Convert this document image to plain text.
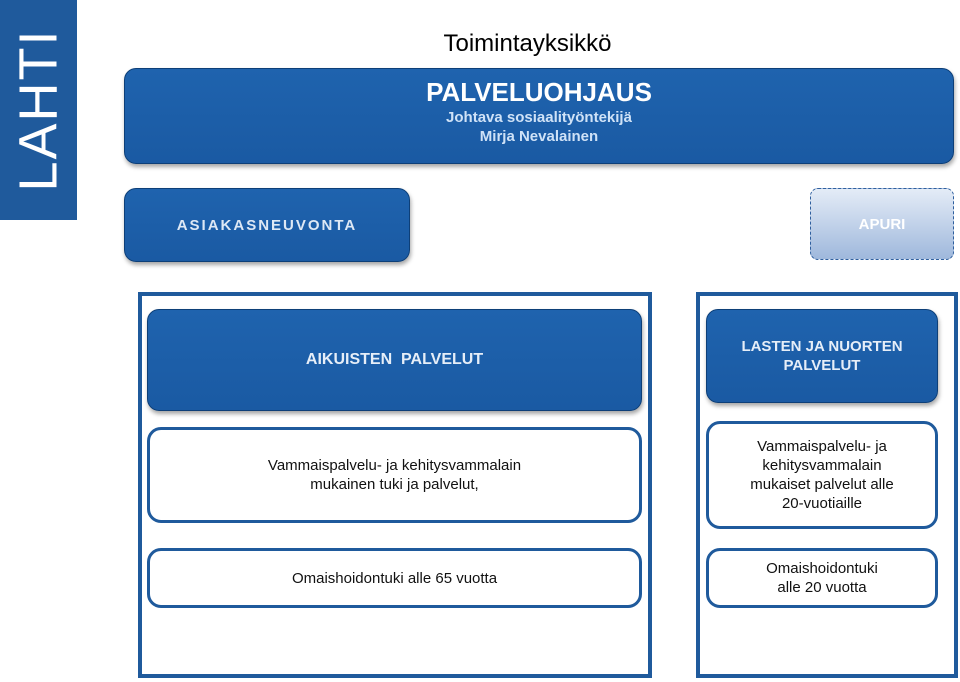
LAHTI	Toimintayksikkö
PALVELUOHJAUS
Johtava sosiaalityöntekijä
Mirja Nevalainen
ASIAKASNEUVONTA	APURI
AIKUISTEN  PALVELUT
LASTEN JA NUORTEN
PALVELUT
Vammaispalvelu- ja kehitysvammalain
mukainen tuki ja palvelut,
Vammaispalvelu- ja
kehitysvammalain
mukaiset palvelut alle
20-vuotiaille
Omaishoidontuki alle 65 vuotta
Omaishoidontuki
alle 20 vuotta
